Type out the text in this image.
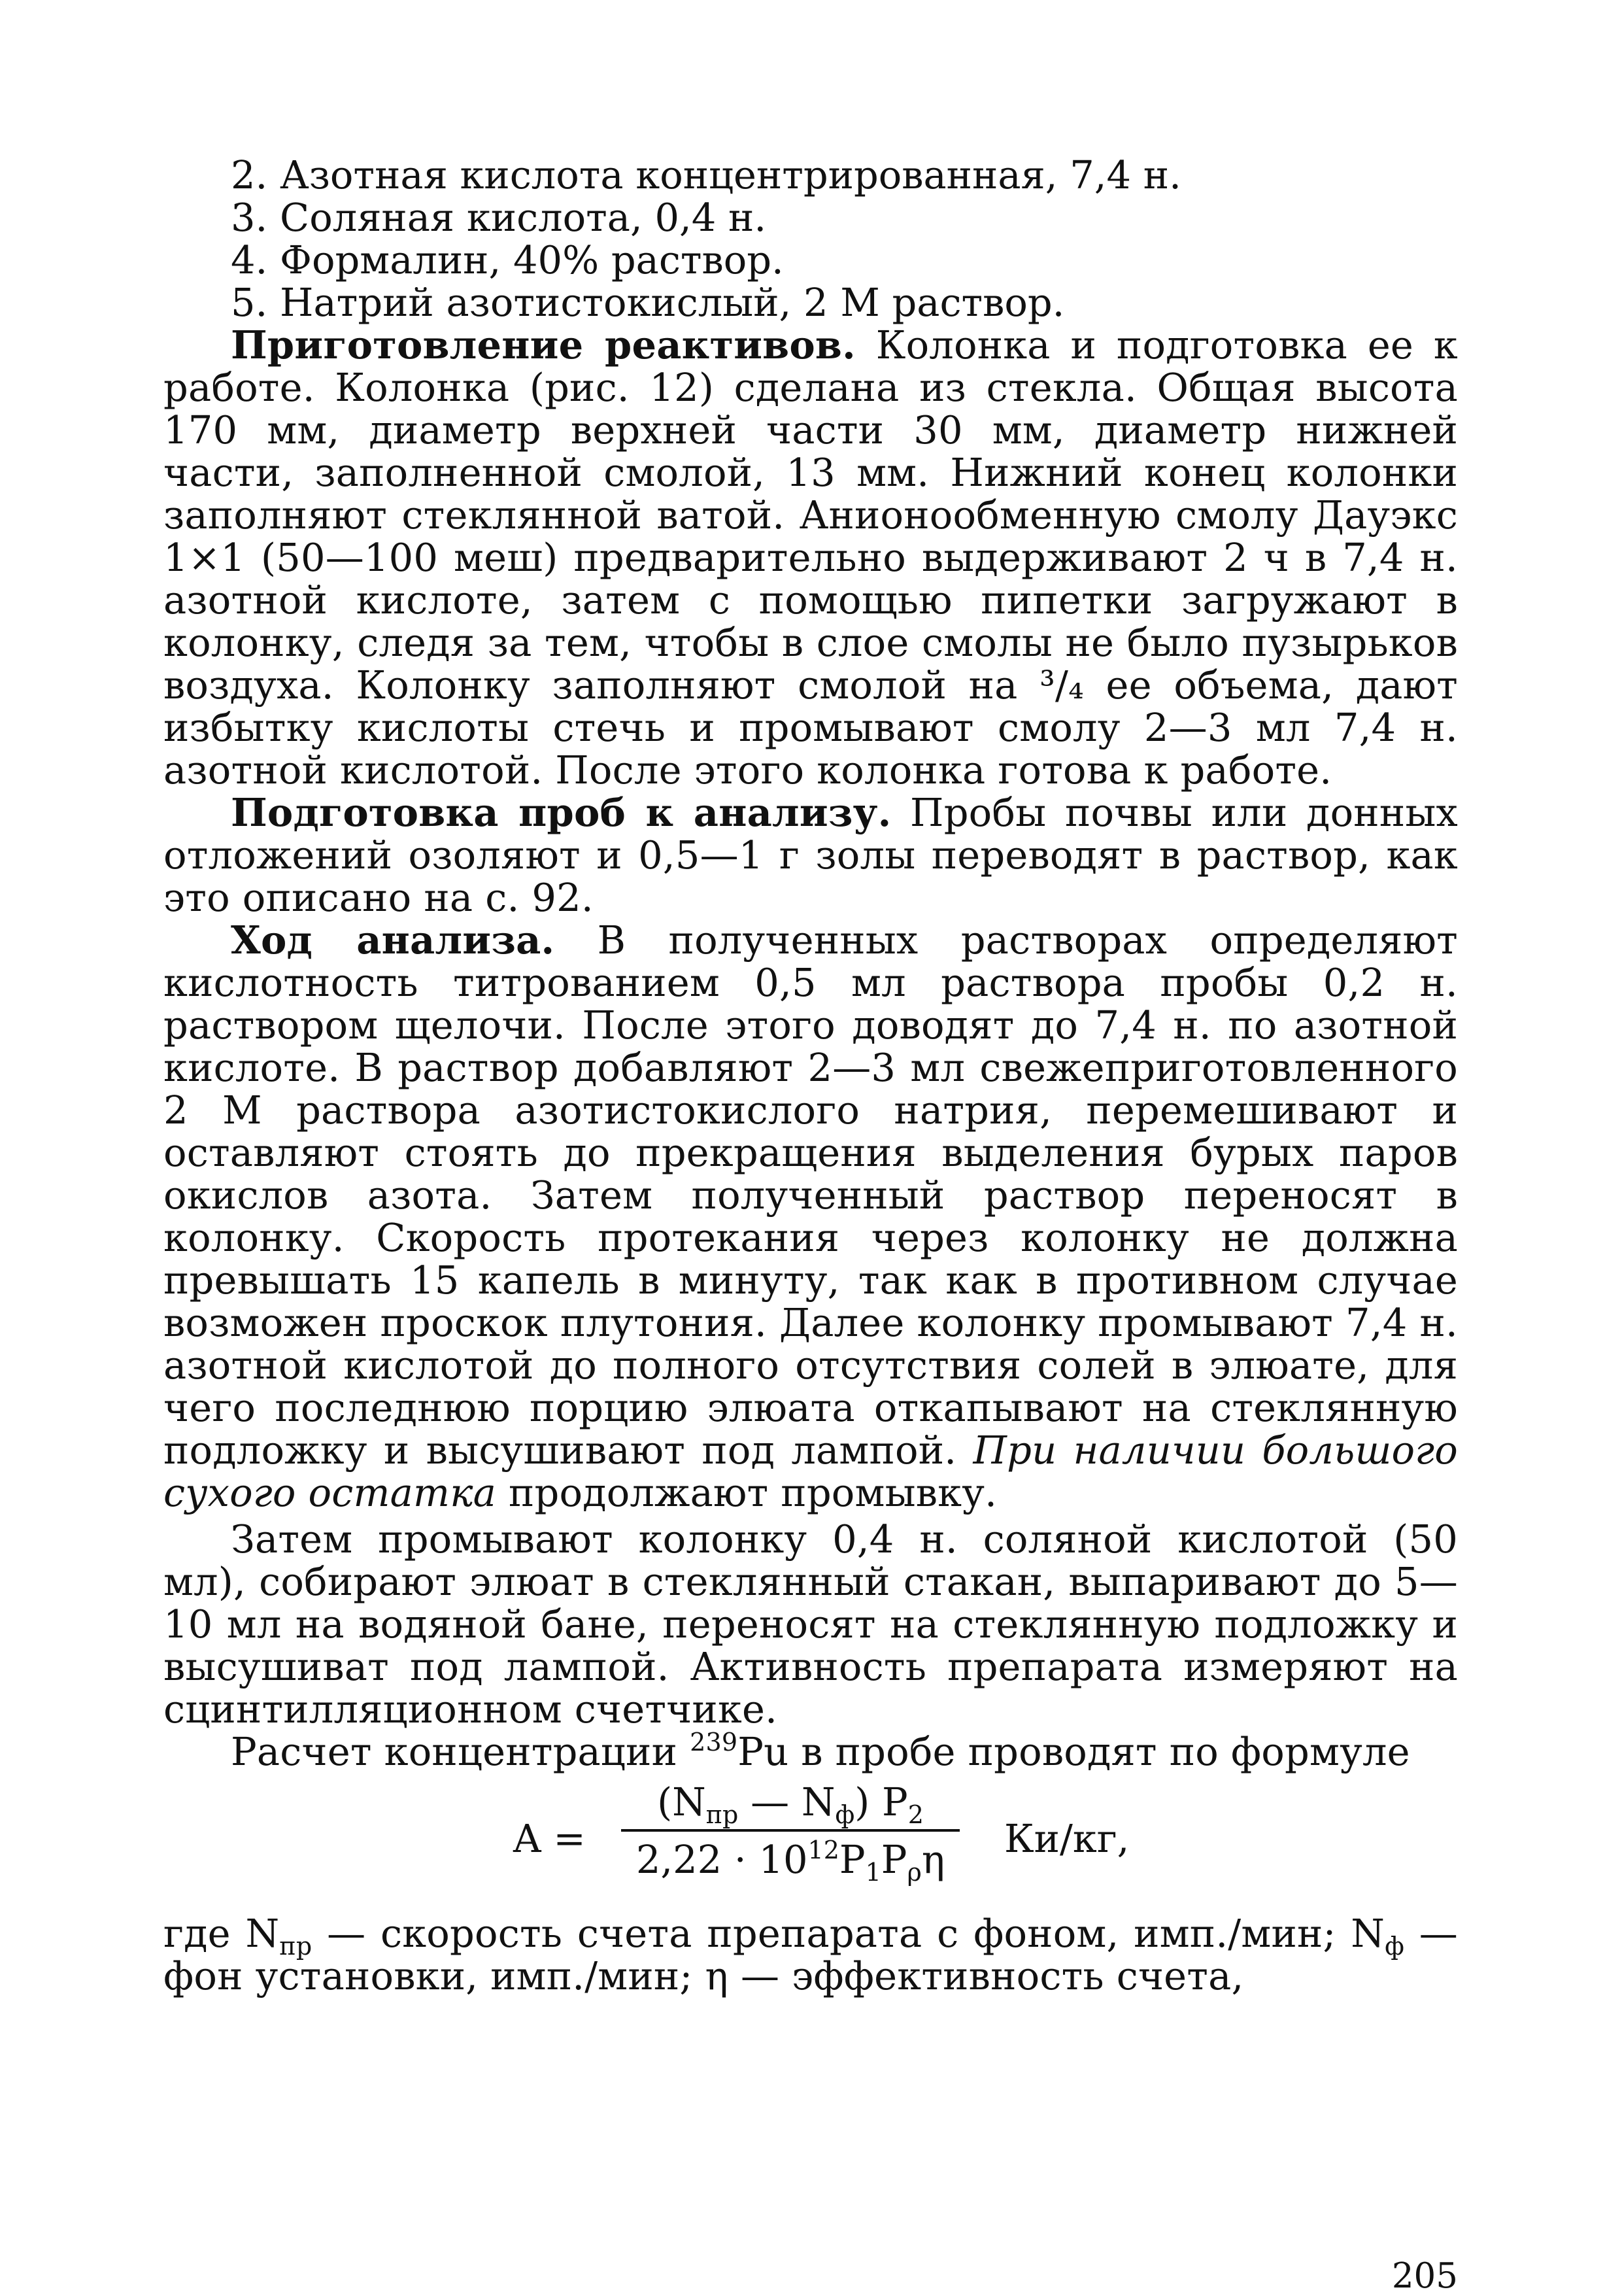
2. Азотная кислота концентрированная, 7,4 н.
3. Соляная кислота, 0,4 н.
4. Формалин, 40% раствор.
5. Натрий азотистокислый, 2 М раствор.

Приготовление реактивов. Колонка и подготовка ее к работе. Колонка (рис. 12) сделана из стекла. Общая высота 170 мм, диаметр верхней части 30 мм, диаметр нижней части, заполненной смолой, 13 мм. Нижний конец колонки заполняют стеклянной ватой. Анионообменную смолу Дауэкс 1×1 (50—100 меш) предварительно выдерживают 2 ч в 7,4 н. азотной кислоте, затем с помощью пипетки загружают в колонку, следя за тем, чтобы в слое смолы не было пузырьков воздуха. Колонку заполняют смолой на ³/₄ ее объема, дают избытку кислоты стечь и промывают смолу 2—3 мл 7,4 н. азотной кислотой. После этого колонка готова к работе.

Подготовка проб к анализу. Пробы почвы или донных отложений озоляют и 0,5—1 г золы переводят в раствор, как это описано на с. 92.

Ход анализа. В полученных растворах определяют кислотность титрованием 0,5 мл раствора пробы 0,2 н. раствором щелочи. После этого доводят до 7,4 н. по азотной кислоте. В раствор добавляют 2—3 мл свежеприготовленного 2 М раствора азотистокислого натрия, перемешивают и оставляют стоять до прекращения выделения бурых паров окислов азота. Затем полученный раствор переносят в колонку. Скорость протекания через колонку не должна превышать 15 капель в минуту, так как в противном случае возможен проскок плутония. Далее колонку промывают 7,4 н. азотной кислотой до полного отсутствия солей в элюате, для чего последнюю порцию элюата откапывают на стеклянную подложку и высушивают под лампой. При наличии большого сухого остатка продолжают промывку.

Затем промывают колонку 0,4 н. соляной кислотой (50 мл), собирают элюат в стеклянный стакан, выпаривают до 5—10 мл на водяной бане, переносят на стеклянную подложку и высушиват под лампой. Активность препарата измеряют на сцинтилляционном счетчике.

Расчет концентрации $^{239}$Pu в пробе проводят по формуле

A =
($N_{пр}$ — $N_ф$) $P_2$
$2,22 \cdot 10^{12}P_1P_\rho\eta$	Ки/кг,

где $N_{пр}$ — скорость счета препарата с фоном, имп./мин; $N_ф$ — фон установки, имп./мин; η — эффективность счета,

205
